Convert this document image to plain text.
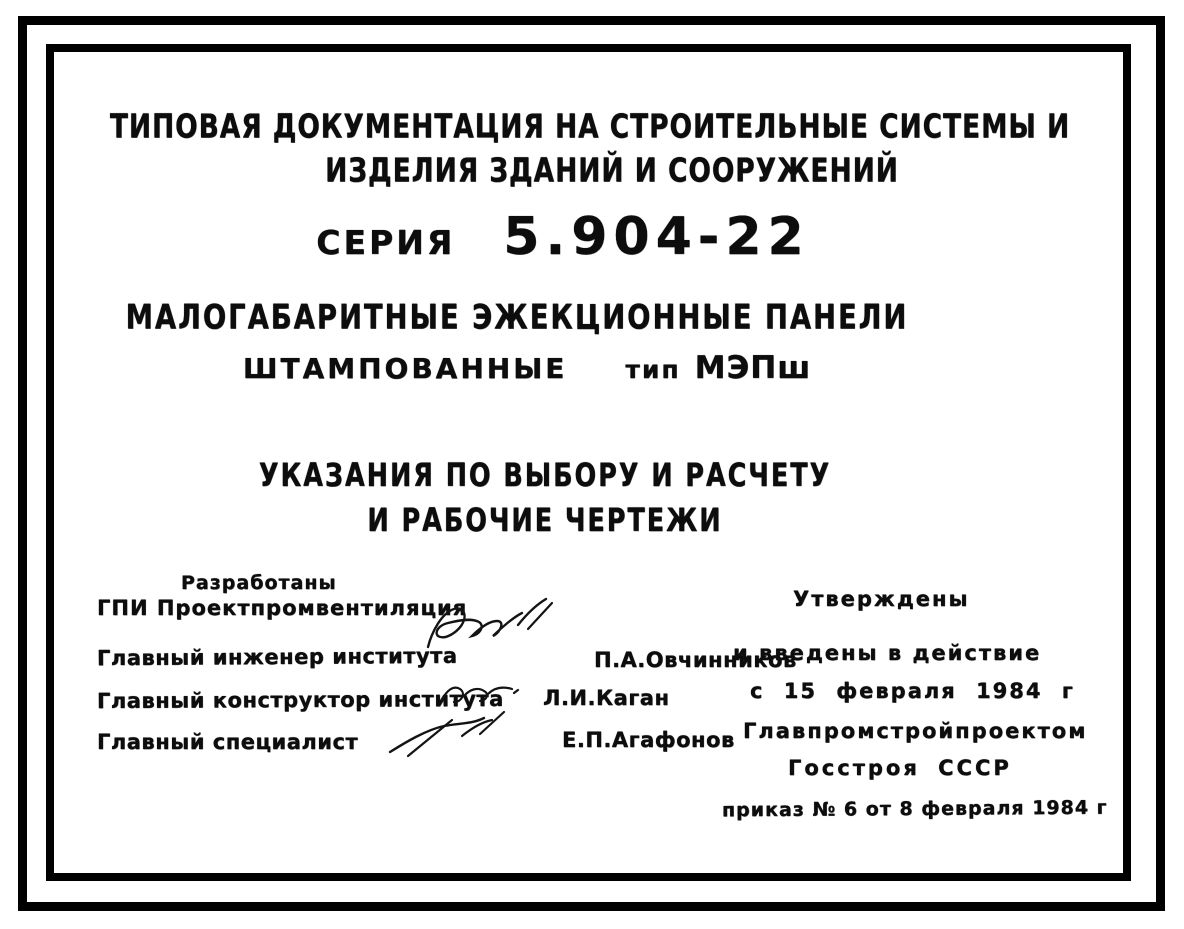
ТИПОВАЯ ДОКУМЕНТАЦИЯ НА СТРОИТЕЛЬНЫЕ СИСТЕМЫ И
ИЗДЕЛИЯ ЗДАНИЙ И СООРУЖЕНИЙ
СЕРИЯ 5.904-22
МАЛОГАБАРИТНЫЕ ЭЖЕКЦИОННЫЕ ПАНЕЛИ
ШТАМПОВАННЫЕ тип МЭПш
УКАЗАНИЯ ПО ВЫБОРУ И РАСЧЕТУ
И РАБОЧИЕ ЧЕРТЕЖИ
Разработаны
ГПИ Проектпромвентиляция
Главный инженер института	П.А.Овчинников
Главный конструктор института Л.И.Каган
Главный специалист	Е.П.Агафонов
Утверждены
и введены в действие
с 15 февраля 1984 г
Главпромстройпроектом
Госстроя СССР
приказ № 6 от 8 февраля 1984 г
